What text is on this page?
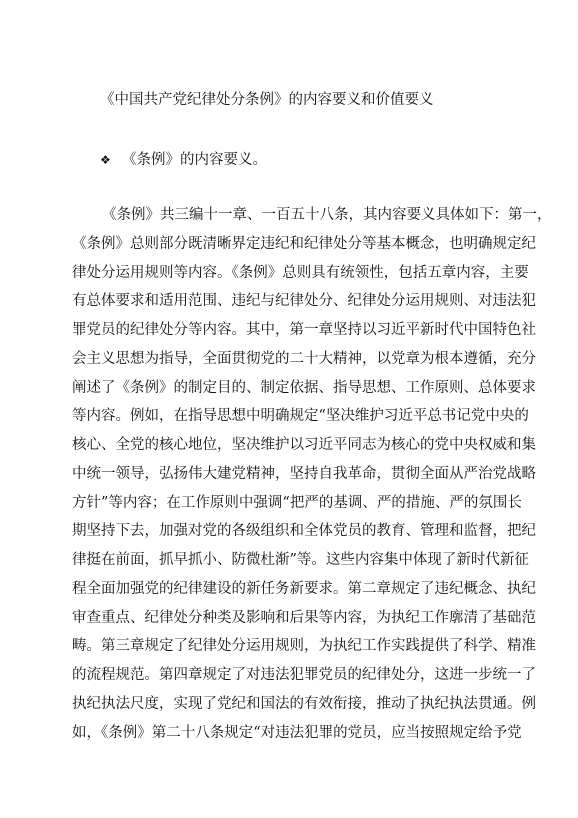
《中国共产党纪律处分条例》的内容要义和价值要义
❖ 《条例》的内容要义。
《条例》共三编十一章、一百五十八条，其内容要义具体如下：第一，
《条例》总则部分既清晰界定违纪和纪律处分等基本概念，也明确规定纪
律处分运用规则等内容。《条例》总则具有统领性，包括五章内容，主要
有总体要求和适用范围、违纪与纪律处分、纪律处分运用规则、对违法犯
罪党员的纪律处分等内容。其中，第一章坚持以习近平新时代中国特色社
会主义思想为指导，全面贯彻党的二十大精神，以党章为根本遵循，充分
阐述了《条例》的制定目的、制定依据、指导思想、工作原则、总体要求
等内容。例如，在指导思想中明确规定“坚决维护习近平总书记党中央的
核心、全党的核心地位，坚决维护以习近平同志为核心的党中央权威和集
中统一领导，弘扬伟大建党精神，坚持自我革命，贯彻全面从严治党战略
方针”等内容；在工作原则中强调“把严的基调、严的措施、严的氛围长
期坚持下去，加强对党的各级组织和全体党员的教育、管理和监督，把纪
律挺在前面，抓早抓小、防微杜渐”等。这些内容集中体现了新时代新征
程全面加强党的纪律建设的新任务新要求。第二章规定了违纪概念、执纪
审查重点、纪律处分种类及影响和后果等内容，为执纪工作廓清了基础范
畴。第三章规定了纪律处分运用规则，为执纪工作实践提供了科学、精准
的流程规范。第四章规定了对违法犯罪党员的纪律处分，这进一步统一了
执纪执法尺度，实现了党纪和国法的有效衔接，推动了执纪执法贯通。例
如，《条例》第二十八条规定“对违法犯罪的党员，应当按照规定给予党
